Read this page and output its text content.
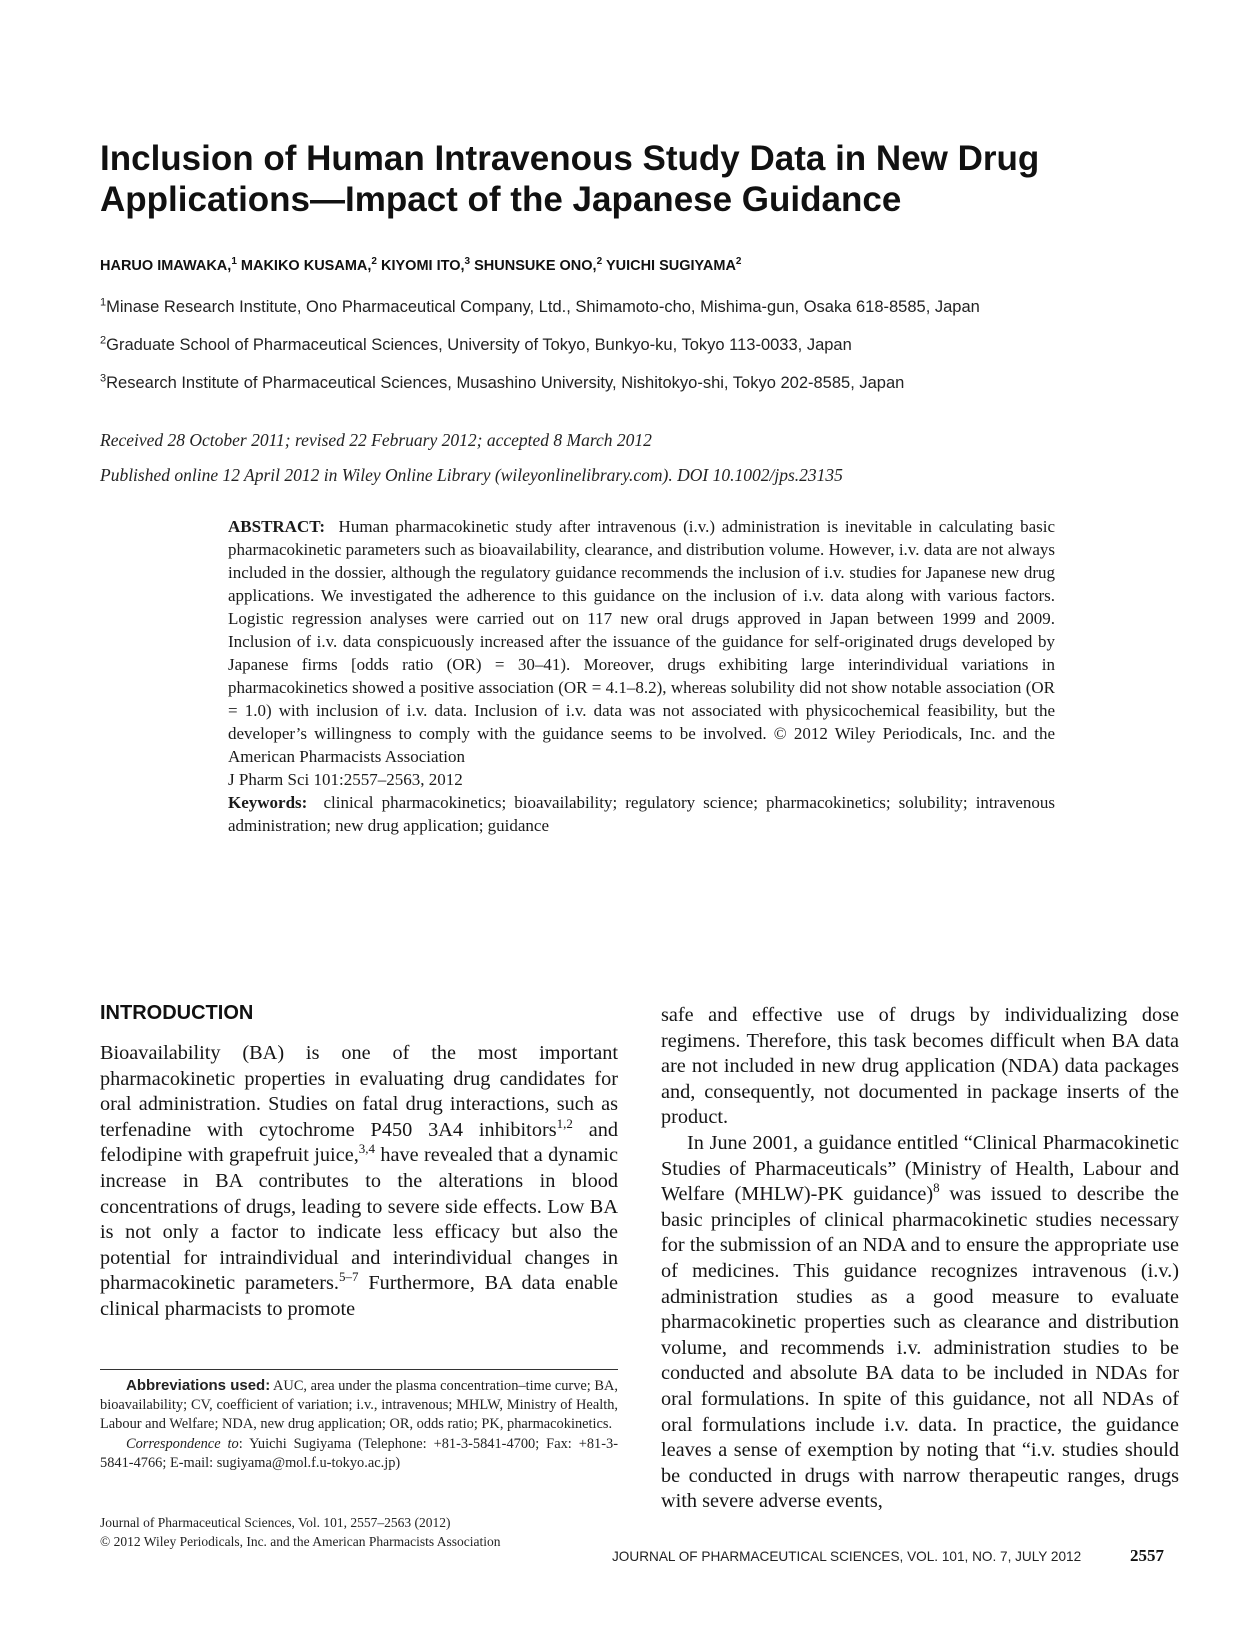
Inclusion of Human Intravenous Study Data in New Drug
Applications—Impact of the Japanese Guidance

HARUO IMAWAKA,$^1$ MAKIKO KUSAMA,$^2$ KIYOMI ITO,$^3$ SHUNSUKE ONO,$^2$ YUICHI SUGIYAMA$^2$

$^1$Minase Research Institute, Ono Pharmaceutical Company, Ltd., Shimamoto-cho, Mishima-gun, Osaka 618-8585, Japan

$^2$Graduate School of Pharmaceutical Sciences, University of Tokyo, Bunkyo-ku, Tokyo 113-0033, Japan

$^3$Research Institute of Pharmaceutical Sciences, Musashino University, Nishitokyo-shi, Tokyo 202-8585, Japan

Received 28 October 2011; revised 22 February 2012; accepted 8 March 2012

Published online 12 April 2012 in Wiley Online Library (wileyonlinelibrary.com). DOI 10.1002/jps.23135

ABSTRACT: Human pharmacokinetic study after intravenous (i.v.) administration is inevitable in calculating basic pharmacokinetic parameters such as bioavailability, clearance, and distribution volume. However, i.v. data are not always included in the dossier, although the regulatory guidance recommends the inclusion of i.v. studies for Japanese new drug applications. We investigated the adherence to this guidance on the inclusion of i.v. data along with various factors. Logistic regression analyses were carried out on 117 new oral drugs approved in Japan between 1999 and 2009. Inclusion of i.v. data conspicuously increased after the issuance of the guidance for self-originated drugs developed by Japanese firms [odds ratio (OR) = 30–41). Moreover, drugs exhibiting large interindividual variations in pharmacokinetics showed a positive association (OR = 4.1–8.2), whereas solubility did not show notable association (OR = 1.0) with inclusion of i.v. data. Inclusion of i.v. data was not associated with physicochemical feasibility, but the developer’s willingness to comply with the guidance seems to be involved. © 2012 Wiley Periodicals, Inc. and the American Pharmacists Association

J Pharm Sci 101:2557–2563, 2012

Keywords: clinical pharmacokinetics; bioavailability; regulatory science; pharmacokinetics; solubility; intravenous administration; new drug application; guidance

INTRODUCTION

Bioavailability (BA) is one of the most important pharmacokinetic properties in evaluating drug candidates for oral administration. Studies on fatal drug interactions, such as terfenadine with cytochrome P450 3A4 inhibitors$^{1,2}$ and felodipine with grapefruit juice,$^{3,4}$ have revealed that a dynamic increase in BA contributes to the alterations in blood concentrations of drugs, leading to severe side effects. Low BA is not only a factor to indicate less efficacy but also the potential for intraindividual and interindividual changes in pharmacokinetic parameters.$^{5-7}$ Furthermore, BA data enable clinical pharmacists to promote

safe and effective use of drugs by individualizing dose regimens. Therefore, this task becomes difficult when BA data are not included in new drug application (NDA) data packages and, consequently, not documented in package inserts of the product.

In June 2001, a guidance entitled “Clinical Pharmacokinetic Studies of Pharmaceuticals” (Ministry of Health, Labour and Welfare (MHLW)-PK guidance)$^8$ was issued to describe the basic principles of clinical pharmacokinetic studies necessary for the submission of an NDA and to ensure the appropriate use of medicines. This guidance recognizes intravenous (i.v.) administration studies as a good measure to evaluate pharmacokinetic properties such as clearance and distribution volume, and recommends i.v. administration studies to be conducted and absolute BA data to be included in NDAs for oral formulations. In spite of this guidance, not all NDAs of oral formulations include i.v. data. In practice, the guidance leaves a sense of exemption by noting that “i.v. studies should be conducted in drugs with narrow therapeutic ranges, drugs with severe adverse events,

Abbreviations used: AUC, area under the plasma concentration–time curve; BA, bioavailability; CV, coefficient of variation; i.v., intravenous; MHLW, Ministry of Health, Labour and Welfare; NDA, new drug application; OR, odds ratio; PK, pharmacokinetics.

Correspondence to: Yuichi Sugiyama (Telephone: +81-3-5841-4700; Fax: +81-3-5841-4766; E-mail: sugiyama@mol.f.u-tokyo.ac.jp)

Journal of Pharmaceutical Sciences, Vol. 101, 2557–2563 (2012)

© 2012 Wiley Periodicals, Inc. and the American Pharmacists Association

JOURNAL OF PHARMACEUTICAL SCIENCES, VOL. 101, NO. 7, JULY 2012	2557
